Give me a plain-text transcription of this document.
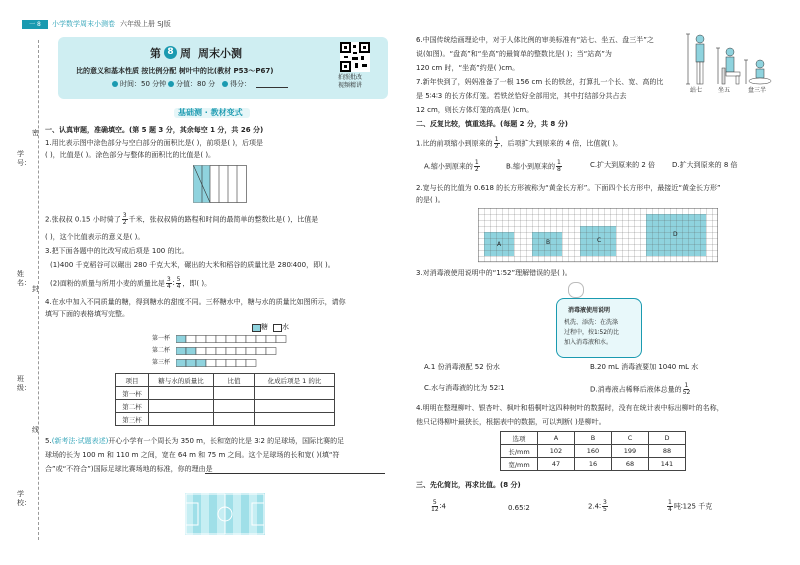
一 8	小学数学周末小测卷 六年级上册 SJ版
学号：
姓名：
班级：
学校：
密
封
线
第 8 周 周末小测
比的意义和基本性质 按比例分配 树叶中的比(教材 P53～P67)
时间：50 分钟 分值：80 分 得分：
拍照批改
视频精讲
基础测 · 教材变式
一、认真审题，准确填空。(第 5 题 3 分，其余每空 1 分，共 26 分)
1.用比表示图中涂色部分与空白部分的面积比是( )，前项是( )，后项是
( )，比值是( )。涂色部分与整体的面积比的比值是( )。
2.张叔叔 0.15 小时骑了 $\frac{3}{2}$ 千米，张叔叔骑的路程和时间的最简单的整数比是( )，比值是
( )，这个比值表示的意义是( )。
3.把下面各题中的比改写成后项是 100 的比。
(1)400 千克稻谷可以碾出 280 千克大米，碾出的大米和稻谷的质量比是 280∶400，即( )。
(2)面粉的质量与所用小麦的质量比是 $\frac{3}{4}$ ∶ $\frac{5}{4}$ ，即( )。
4.在水中加入不同质量的糖，得到糖水的甜度不同。三杯糖水中，糖与水的质量比如图所示，请你
填写下面的表格填写完整。
糖 水
第一杯
第二杯
第三杯
项目	糖与水的质量比	比值	化成后项是 1 的比
第一杯			
第二杯			
第三杯			
5.(新考法·试题表述)开心小学有一个周长为 350 m，长和宽的比是 3∶2 的足球场，国际比赛的足
球场的长为 100 m 和 110 m 之间，宽在 64 m 和 75 m 之间。这个足球场的长和宽( )(填“符
合”或“不符合”)国际足球比赛场地的标准，你的理由是
6.中国传统绘画理论中，对于人体比例的审美标准有“站七、坐五、盘三半”之
说(如图)。“盘高”和“坐高”的最简单的整数比是( )；当“站高”为
120 cm 时，“坐高”约是( )cm。
7.新年快到了，妈妈准备了一根 156 cm 长的铁丝，打算扎一个长、宽、高的比
是 5∶4∶3 的长方体灯笼。若铁丝恰好全部用完，其中打结部分共占去
12 cm，则长方体灯笼的高是( )cm。
站七	坐五	盘三半
二、反复比较，慎重选择。(每题 2 分，共 8 分)
1.比的前项缩小到原来的 $\frac{1}{2}$ ，后项扩大到原来的 4 倍，比值就( )。
A.缩小到原来的 $\frac{1}{2}$	B.缩小到原来的 $\frac{1}{8}$	C.扩大到原来的 2 倍 D.扩大到原来的 8 倍
2.宽与长的比值为 0.618 的长方形被称为“黄金长方形”。下面四个长方形中，最接近“黄金长方形”
的是( )。
A	B	C
D
3.对消毒液使用说明中的“1∶52”理解错误的是( )。
消毒液使用说明
机洗、添洗：在洗涤
过程中，按1∶52的比
加入消毒液和水。
A.1 份消毒液配 52 份水	B.20 mL 消毒液要加 1040 mL 水
C.水与消毒液的比为 52∶1	D.消毒液占稀释后液体总量的 $\frac{1}{52}$
4.明明在整理柳叶、银杏叶、枫叶和梧桐叶这四种树叶的数据时，没有在统计表中标出柳叶的名称，
他只记得柳叶最狭长，根据表中的数据，可以判断( )是柳叶。
选项	A	B	C	D
长/mm	102	160	199	88
宽/mm	47	16	68	141
三、先化简比，再求比值。(8 分)
$\frac{5}{12}$ ∶4	0.65∶2	2.4∶ $\frac{3}{5}$	$\frac{1}{4}$ 吨∶125 千克
